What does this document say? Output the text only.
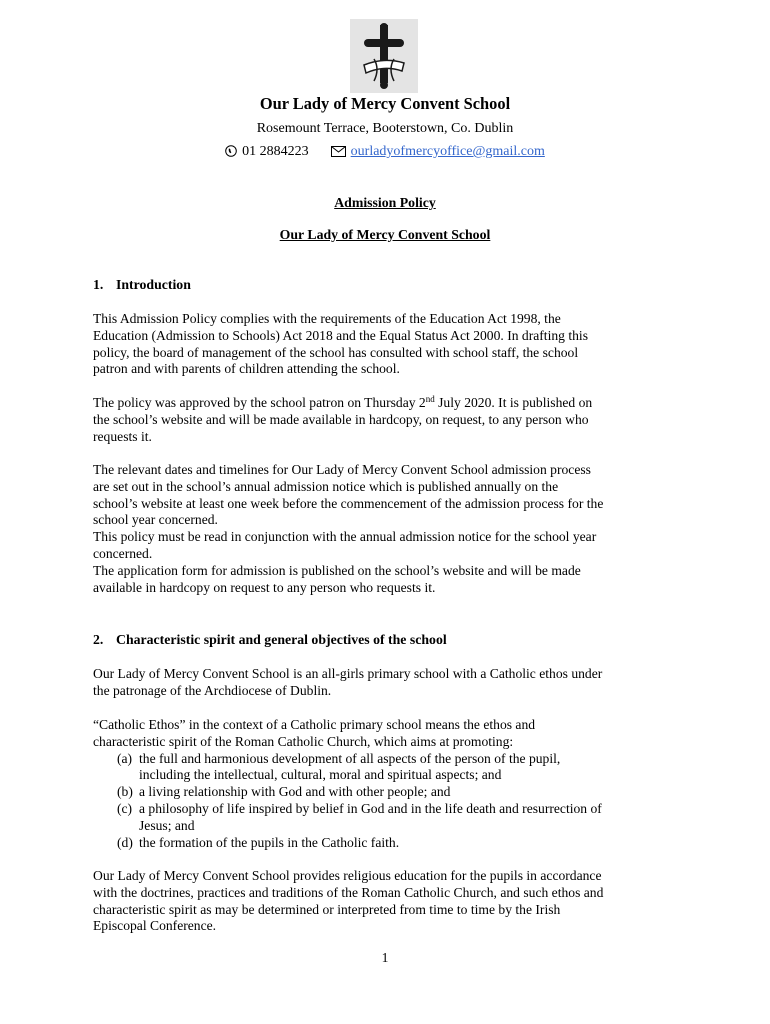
Our Lady of Mercy Convent School
Rosemount Terrace, Booterstown, Co. Dublin
01 2884223	ourladyofmercyoffice@gmail.com
Admission Policy
Our Lady of Mercy Convent School
1. Introduction
This Admission Policy complies with the requirements of the Education Act 1998, the
Education (Admission to Schools) Act 2018 and the Equal Status Act 2000. In drafting this
policy, the board of management of the school has consulted with school staff, the school
patron and with parents of children attending the school.
The policy was approved by the school patron on Thursday 2nd July 2020. It is published on
the school’s website and will be made available in hardcopy, on request, to any person who
requests it.
The relevant dates and timelines for Our Lady of Mercy Convent School admission process
are set out in the school’s annual admission notice which is published annually on the
school’s website at least one week before the commencement of the admission process for the
school year concerned.
This policy must be read in conjunction with the annual admission notice for the school year
concerned.
The application form for admission is published on the school’s website and will be made
available in hardcopy on request to any person who requests it.
2. Characteristic spirit and general objectives of the school
Our Lady of Mercy Convent School is an all-girls primary school with a Catholic ethos under
the patronage of the Archdiocese of Dublin.
“Catholic Ethos” in the context of a Catholic primary school means the ethos and
characteristic spirit of the Roman Catholic Church, which aims at promoting:
(a) the full and harmonious development of all aspects of the person of the pupil,
including the intellectual, cultural, moral and spiritual aspects; and
(b) a living relationship with God and with other people; and
(c) a philosophy of life inspired by belief in God and in the life death and resurrection of
Jesus; and
(d) the formation of the pupils in the Catholic faith.
Our Lady of Mercy Convent School provides religious education for the pupils in accordance
with the doctrines, practices and traditions of the Roman Catholic Church, and such ethos and
characteristic spirit as may be determined or interpreted from time to time by the Irish
Episcopal Conference.
1
